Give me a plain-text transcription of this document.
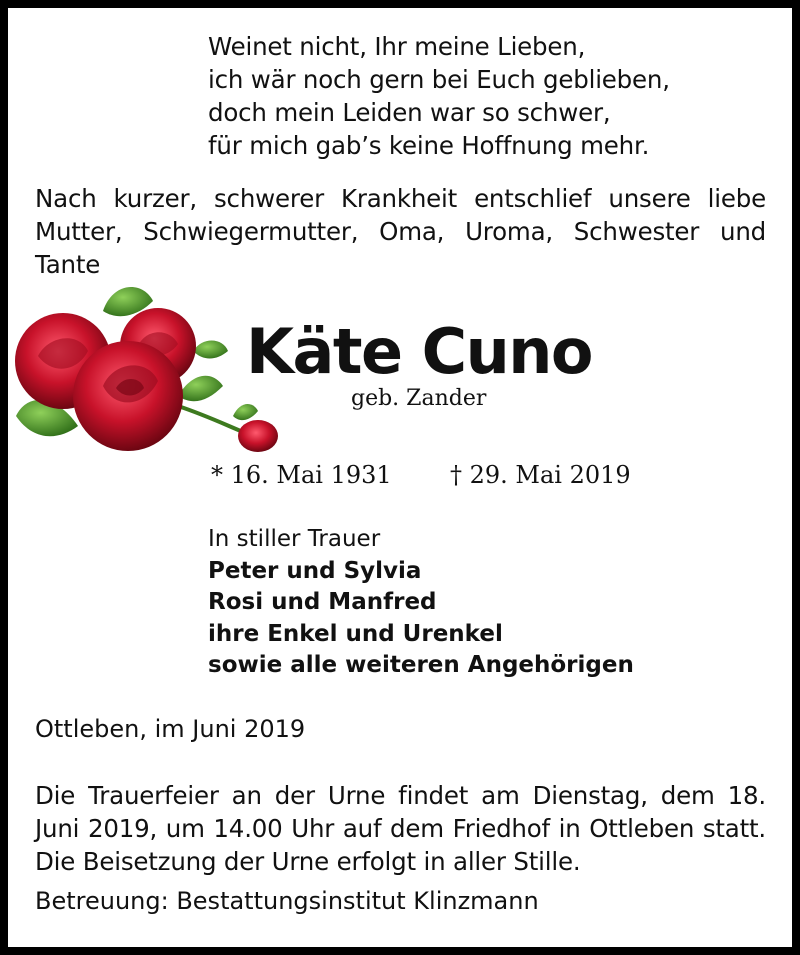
Weinet nicht, Ihr meine Lieben,
ich wär noch gern bei Euch geblieben,
doch mein Leiden war so schwer,
für mich gab’s keine Hoffnung mehr.
Nach kurzer, schwerer Krankheit entschlief unsere liebe Mutter, Schwiegermutter, Oma, Uroma, Schwester und Tante
Käte Cuno
geb. Zander
* 16. Mai 1931 † 29. Mai 2019
In stiller Trauer
Peter und Sylvia
Rosi und Manfred
ihre Enkel und Urenkel
sowie alle weiteren Angehörigen
Ottleben, im Juni 2019
Die Trauerfeier an der Urne findet am Dienstag, dem 18. Juni 2019, um 14.00 Uhr auf dem Friedhof in Ottleben statt. Die Beisetzung der Urne erfolgt in aller Stille.
Betreuung: Bestattungsinstitut Klinzmann
